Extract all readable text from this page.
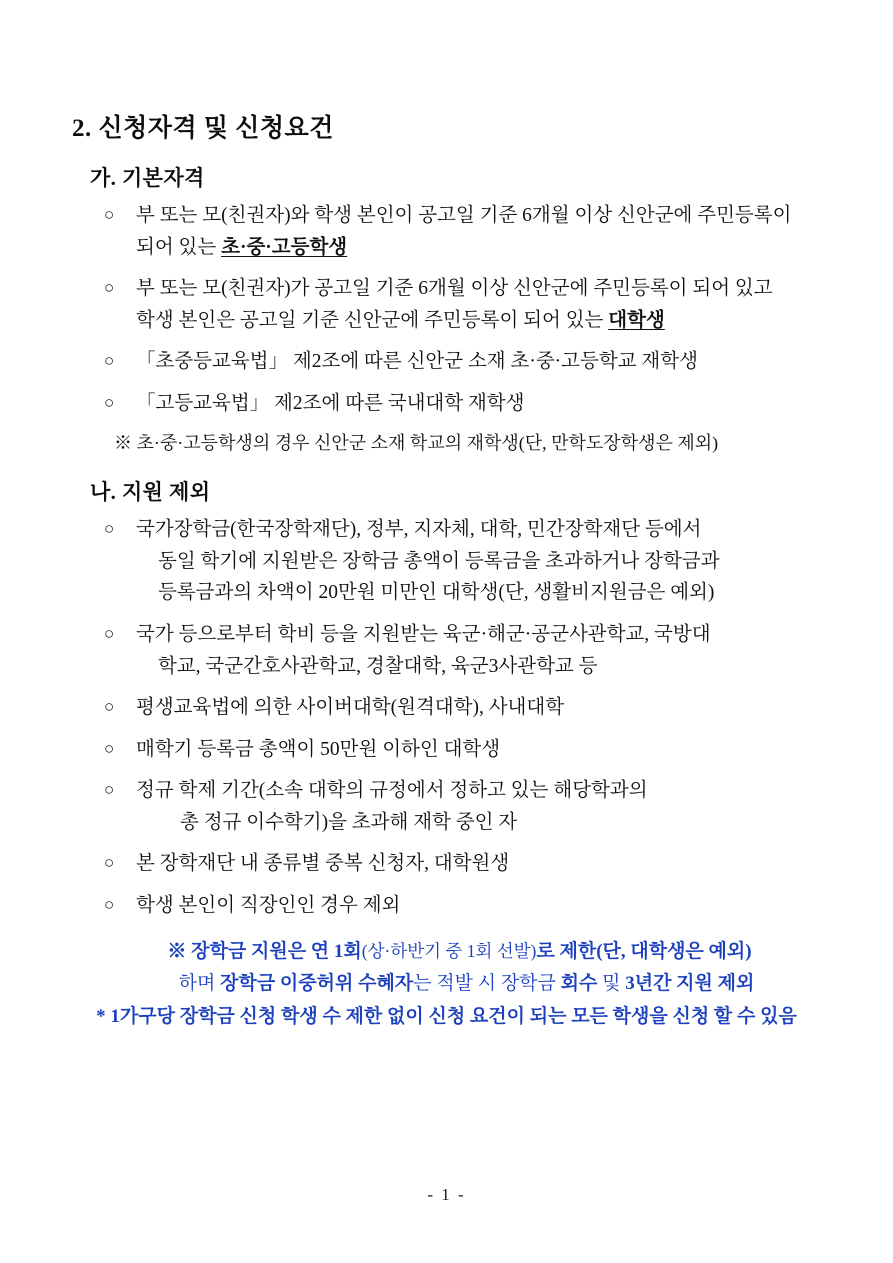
2. 신청자격 및 신청요건
가. 기본자격
○ 부 또는 모(친권자)와 학생 본인이 공고일 기준 6개월 이상 신안군에 주민등록이
되어 있는 초·중·고등학생
○ 부 또는 모(친권자)가 공고일 기준 6개월 이상 신안군에 주민등록이 되어 있고
학생 본인은 공고일 기준 신안군에 주민등록이 되어 있는 대학생
○ 「초중등교육법」 제2조에 따른 신안군 소재 초·중·고등학교 재학생
○ 「고등교육법」 제2조에 따른 국내대학 재학생

※ 초·중·고등학생의 경우 신안군 소재 학교의 재학생(단, 만학도장학생은 제외)

나. 지원 제외
○ 국가장학금(한국장학재단), 정부, 지자체, 대학, 민간장학재단 등에서
동일 학기에 지원받은 장학금 총액이 등록금을 초과하거나 장학금과
등록금과의 차액이 20만원 미만인 대학생(단, 생활비지원금은 예외)
○ 국가 등으로부터 학비 등을 지원받는 육군·해군·공군사관학교, 국방대
학교, 국군간호사관학교, 경찰대학, 육군3사관학교 등
○ 평생교육법에 의한 사이버대학(원격대학), 사내대학
○ 매학기 등록금 총액이 50만원 이하인 대학생
○ 정규 학제 기간(소속 대학의 규정에서 정하고 있는 해당학과의
총 정규 이수학기)을 초과해 재학 중인 자
○ 본 장학재단 내 종류별 중복 신청자, 대학원생
○ 학생 본인이 직장인인 경우 제외
※ 장학금 지원은 연 1회(상·하반기 중 1회 선발)로 제한(단, 대학생은 예외)
하며 장학금 이중허위 수혜자는 적발 시 장학금 회수 및 3년간 지원 제외
* 1가구당 장학금 신청 학생 수 제한 없이 신청 요건이 되는 모든 학생을 신청 할 수 있음
- 1 -
